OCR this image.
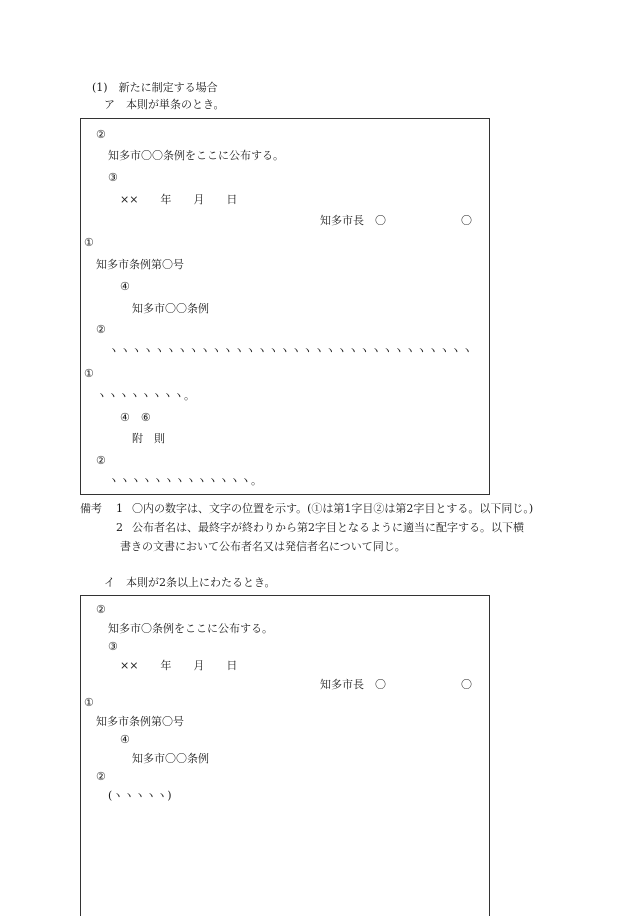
(1)　新たに制定する場合
ア　本則が単条のとき。
②
知多市〇〇条例をここに公布する。
③
××　　年　　月　　日
知多市長　〇	〇
①
知多市条例第〇号
④
知多市〇〇条例
②
ヽヽヽヽヽヽヽヽヽヽヽヽヽヽヽヽヽヽヽヽヽヽヽヽヽヽヽヽヽヽヽヽ
①
ヽヽヽヽヽヽヽヽ。
④　⑥
附　則
②
ヽヽヽヽヽヽヽヽヽヽヽヽヽ。
備考 1 〇内の数字は、文字の位置を示す。(①は第1字目②は第2字目とする。以下同じ。)
2 公布者名は、最終字が終わりから第2字目となるように適当に配字する。以下横
書きの文書において公布者名又は発信者名について同じ。
イ　本則が2条以上にわたるとき。
②
知多市〇条例をここに公布する。
③
××　　年　　月　　日
知多市長　〇	〇
①
知多市条例第〇号
④
知多市〇〇条例
②
(ヽヽヽヽヽ)
